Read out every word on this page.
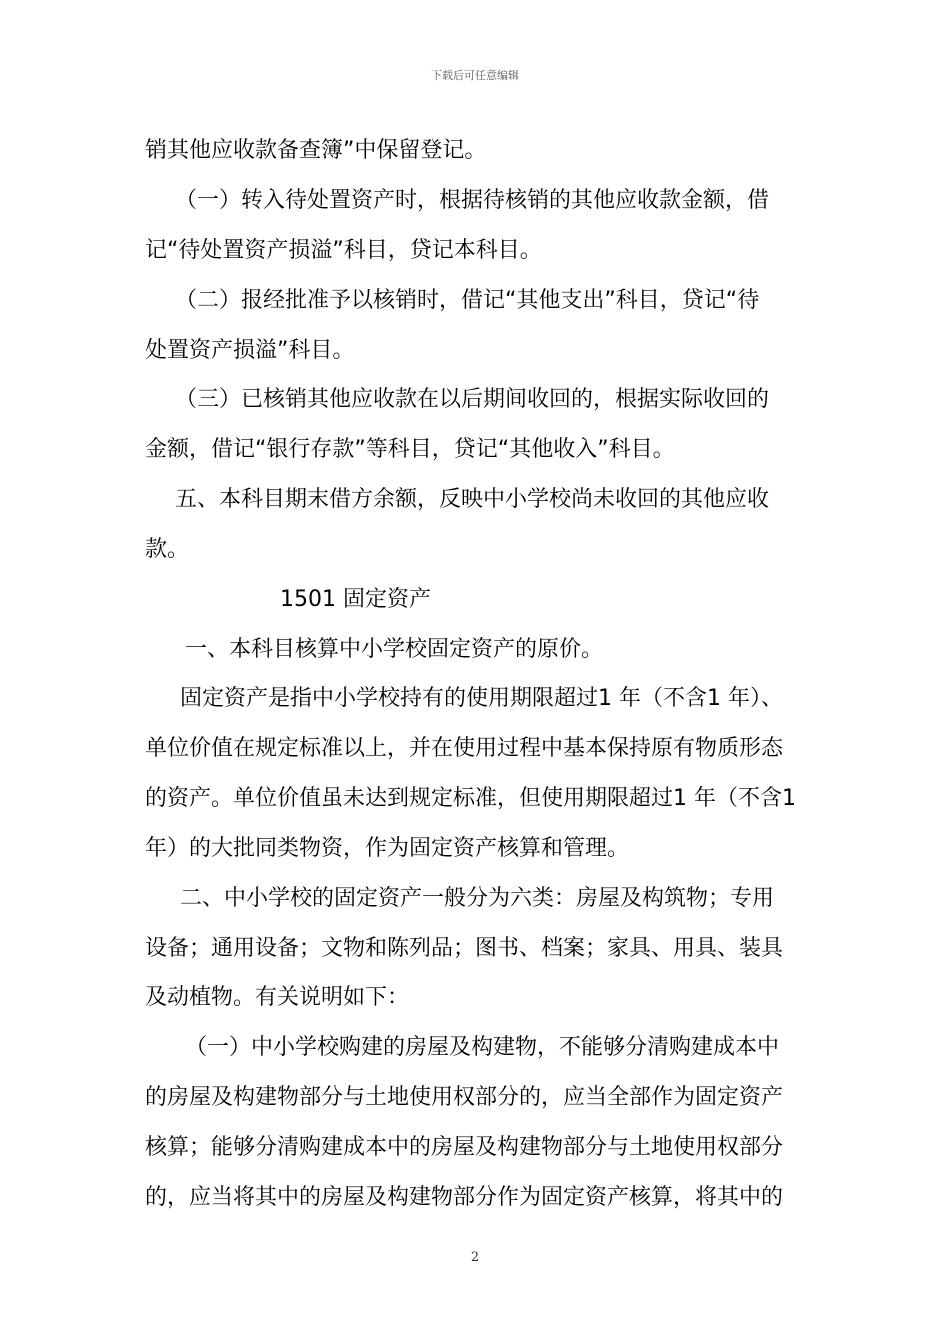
下载后可任意编辑
销其他应收款备查簿”中保留登记。
（一）转入待处置资产时，根据待核销的其他应收款金额，借
记“待处置资产损溢”科目，贷记本科目。
（二）报经批准予以核销时，借记“其他支出”科目，贷记“待
处置资产损溢”科目。
（三）已核销其他应收款在以后期间收回的，根据实际收回的
金额，借记“银行存款”等科目，贷记“其他收入”科目。
五、本科目期末借方余额，反映中小学校尚未收回的其他应收
款。
1501 固定资产
一、本科目核算中小学校固定资产的原价。
固定资产是指中小学校持有的使用期限超过1 年（不含1 年）、
单位价值在规定标准以上，并在使用过程中基本保持原有物质形态
的资产。单位价值虽未达到规定标准，但使用期限超过1 年（不含1
年）的大批同类物资，作为固定资产核算和管理。
二、中小学校的固定资产一般分为六类：房屋及构筑物；专用
设备；通用设备；文物和陈列品；图书、档案；家具、用具、装具
及动植物。有关说明如下：
（一）中小学校购建的房屋及构建物，不能够分清购建成本中
的房屋及构建物部分与土地使用权部分的，应当全部作为固定资产
核算；能够分清购建成本中的房屋及构建物部分与土地使用权部分
的，应当将其中的房屋及构建物部分作为固定资产核算，将其中的
2
